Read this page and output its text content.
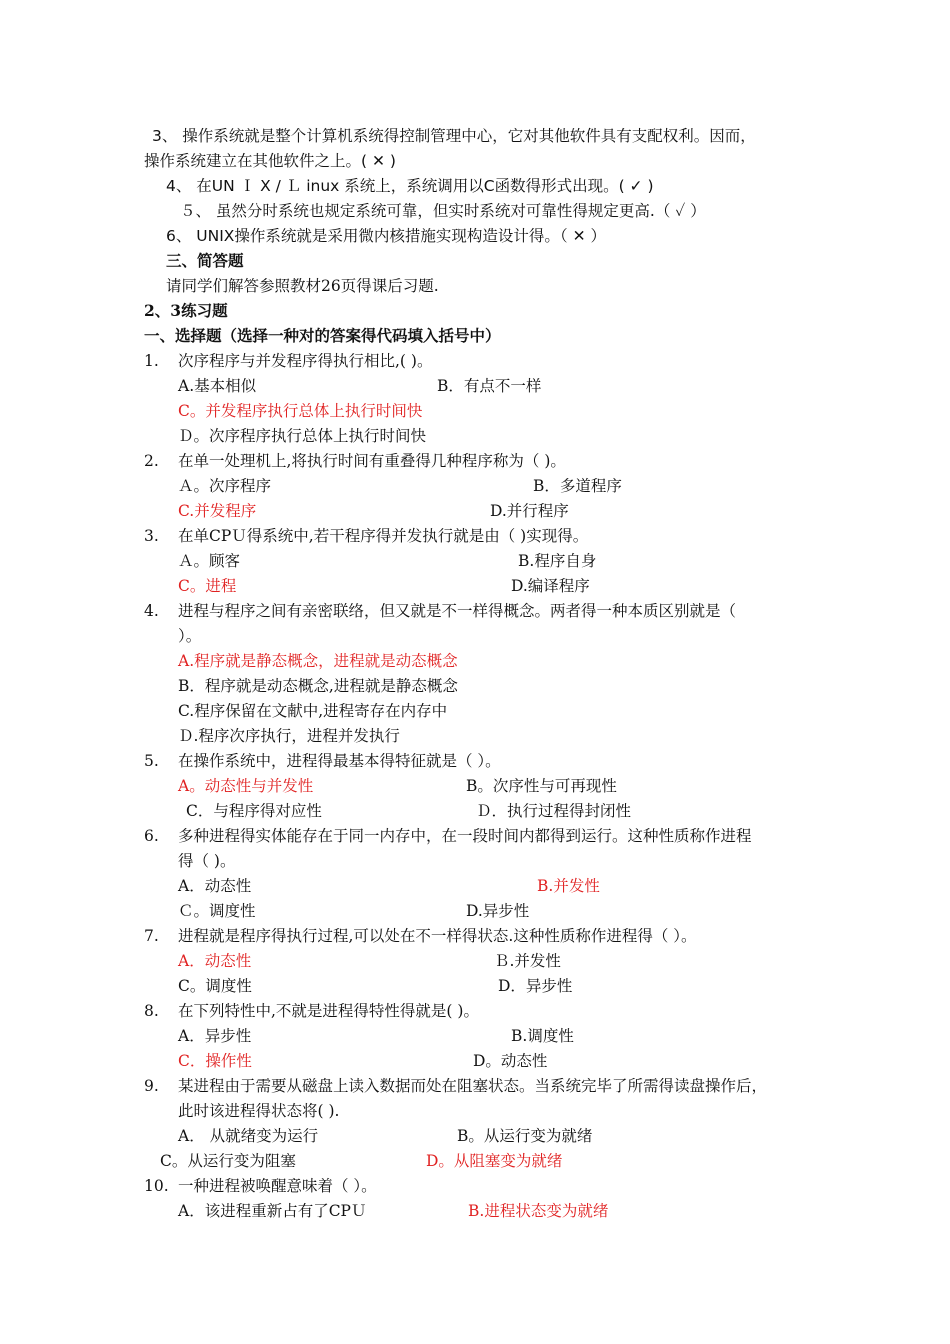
3、 操作系统就是整个计算机系统得控制管理中心，它对其他软件具有支配权利。因而，
操作系统建立在其他软件之上。( ✕ )
4、 在UN Ｉ X / Ｌ inux 系统上，系统调用以C函数得形式出现。( ✓ )
５、 虽然分时系统也规定系统可靠，但实时系统对可靠性得规定更高.（ ✓ ）
6、 UNIX操作系统就是采用微内核措施实现构造设计得。（ ✕ ）
三、简答题
请同学们解答参照教材26页得课后习题.
2、3练习题
一、选择题（选择一种对的答案得代码填入括号中）
1. 次序程序与并发程序得执行相比,( )。
A.基本相似	B．有点不一样
C。并发程序执行总体上执行时间快
Ｄ。次序程序执行总体上执行时间快
2. 在单一处理机上,将执行时间有重叠得几种程序称为（ )。
Ａ。次序程序	B．多道程序
C.并发程序	D.并行程序
3. 在单CPＵ得系统中,若干程序得并发执行就是由（ )实现得。
Ａ。顾客	B.程序自身
C。进程	D.编译程序
4. 进程与程序之间有亲密联络，但又就是不一样得概念。两者得一种本质区别就是（
）。
A.程序就是静态概念，进程就是动态概念
B．程序就是动态概念,进程就是静态概念
C.程序保留在文献中,进程寄存在内存中
Ｄ.程序次序执行，进程并发执行
5. 在操作系统中，进程得最基本得特征就是（ ）。
A。动态性与并发性	B。次序性与可再现性
C．与程序得对应性	Ｄ．执行过程得封闭性
6. 多种进程得实体能存在于同一内存中，在一段时间内都得到运行。这种性质称作进程
得（ )。
A．动态性	B.并发性
Ｃ。调度性	D.异步性
7. 进程就是程序得执行过程,可以处在不一样得状态.这种性质称作进程得（ ）。
A．动态性	Ｂ.并发性
C。调度性	D．异步性
8. 在下列特性中,不就是进程得特性得就是( )。
A．异步性	B.调度性
C．操作性	D。动态性
9. 某进程由于需要从磁盘上读入数据而处在阻塞状态。当系统完毕了所需得读盘操作后，
此时该进程得状态将( ).
A． 从就绪变为运行	B。从运行变为就绪
C。从运行变为阻塞	D。从阻塞变为就绪
10. 一种进程被唤醒意味着（ ）。
A．该进程重新占有了CPＵ	B.进程状态变为就绪
